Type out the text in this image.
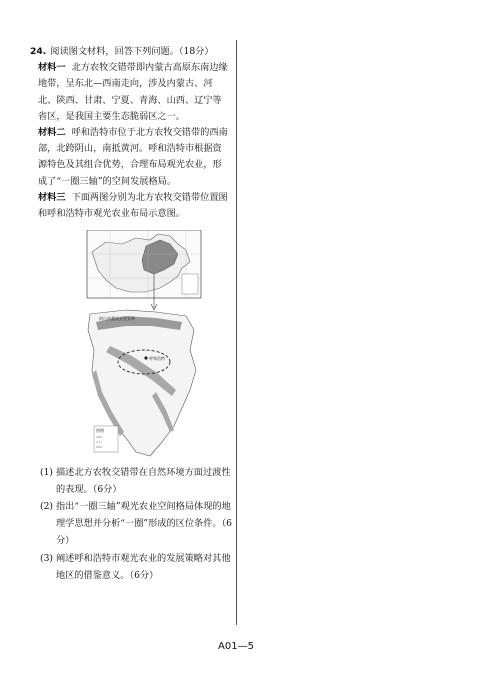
24. 阅读图文材料，回答下列问题。（18分）

材料一 北方农牧交错带即内蒙古高原东南边缘地带，呈东北—西南走向，涉及内蒙古、河北、陕西、甘肃、宁夏、青海、山西、辽宁等省区，是我国主要生态脆弱区之一。

材料二 呼和浩特市位于北方农牧交错带的西南部，北跨阴山，南抵黄河。呼和浩特市根据资源特色及其组合优势，合理布局观光农业，形成了“一圈三轴”的空间发展格局。

材料三 下面两图分别为北方农牧交错带位置图和呼和浩特市观光农业布局示意图。

阴山南麓观光农业带
呼和浩特
图例
(1) 描述北方农牧交错带在自然环境方面过渡性的表现。（6分）
(2) 指出“一圈三轴”观光农业空间格局体现的地理学思想并分析“一圈”形成的区位条件。（6分）
(3) 阐述呼和浩特市观光农业的发展策略对其他地区的借鉴意义。（6分）
A01—5
